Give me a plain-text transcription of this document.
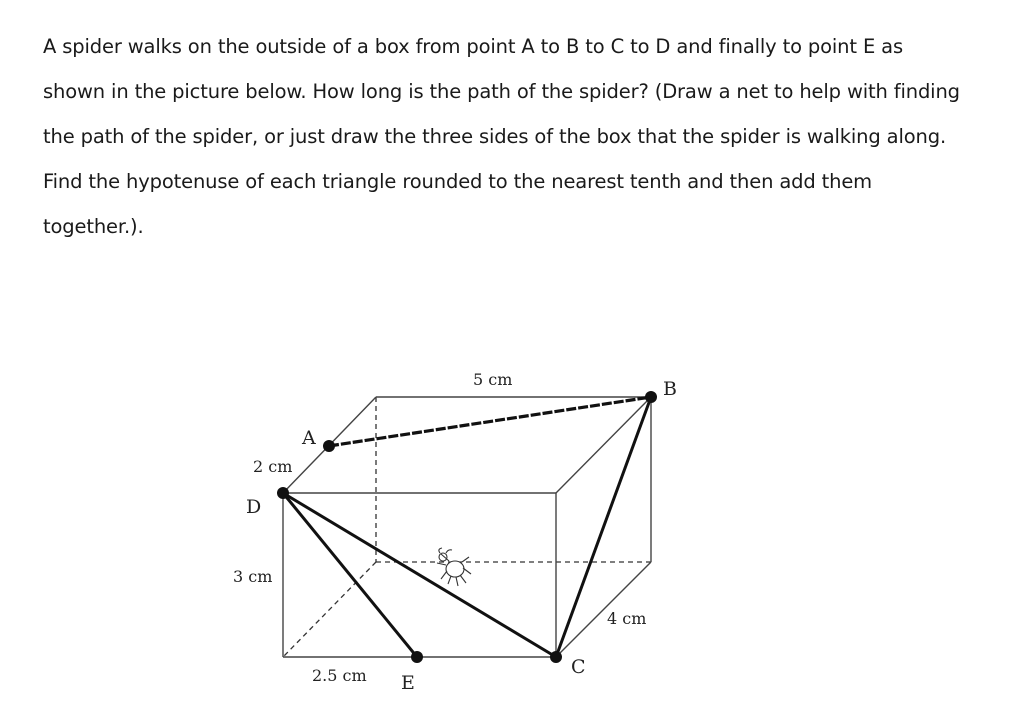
A spider walks on the outside of a box from point A to B to C to D and finally to point E as
shown in the picture below. How long is the path of the spider? (Draw a net to help with finding
the path of the spider, or just draw the three sides of the box that the spider is walking along.
Find the hypotenuse of each triangle rounded to the nearest tenth and then add them
together.).
5 cm
2 cm
3 cm
4 cm
2.5 cm
A
B
C
D
E
